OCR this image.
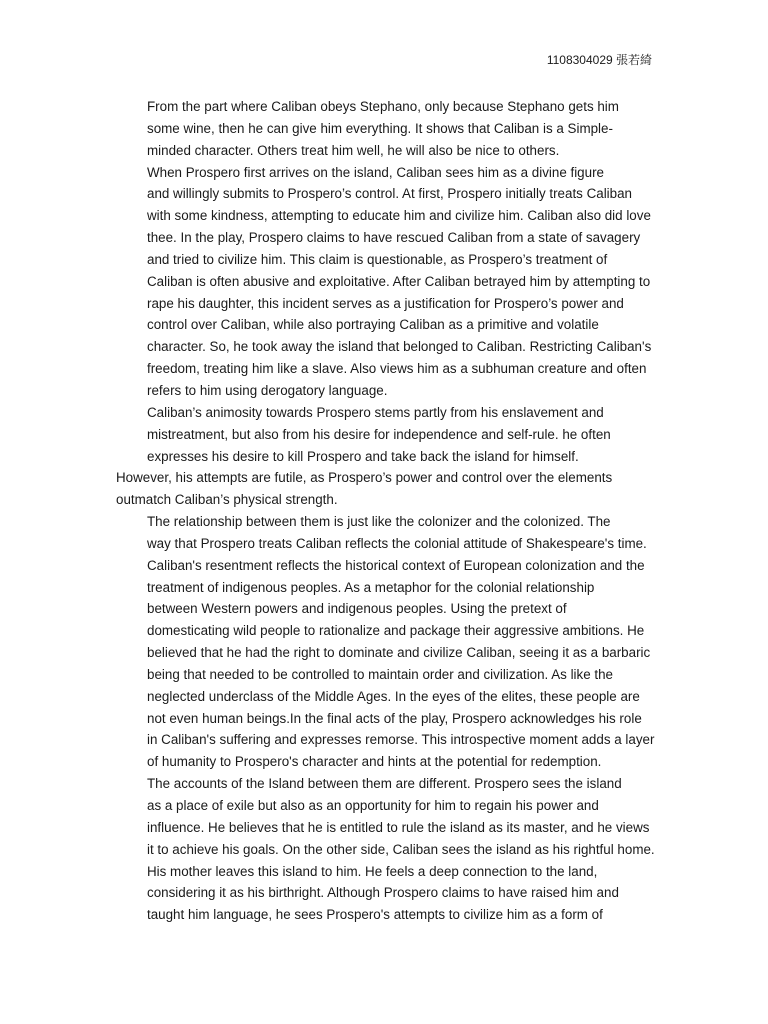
1108304029 張若綺
From the part where Caliban obeys Stephano, only because Stephano gets him
some wine, then he can give him everything. It shows that Caliban is a Simple-
minded character. Others treat him well, he will also be nice to others.
When Prospero first arrives on the island, Caliban sees him as a divine figure
and willingly submits to Prospero’s control. At first, Prospero initially treats Caliban
with some kindness, attempting to educate him and civilize him. Caliban also did love
thee. In the play, Prospero claims to have rescued Caliban from a state of savagery
and tried to civilize him. This claim is questionable, as Prospero’s treatment of
Caliban is often abusive and exploitative. After Caliban betrayed him by attempting to
rape his daughter, this incident serves as a justification for Prospero’s power and
control over Caliban, while also portraying Caliban as a primitive and volatile
character. So, he took away the island that belonged to Caliban. Restricting Caliban's
freedom, treating him like a slave. Also views him as a subhuman creature and often
refers to him using derogatory language.
Caliban’s animosity towards Prospero stems partly from his enslavement and
mistreatment, but also from his desire for independence and self-rule. he often
expresses his desire to kill Prospero and take back the island for himself.
However, his attempts are futile, as Prospero’s power and control over the elements
outmatch Caliban’s physical strength.
The relationship between them is just like the colonizer and the colonized. The
way that Prospero treats Caliban reflects the colonial attitude of Shakespeare's time.
Caliban's resentment reflects the historical context of European colonization and the
treatment of indigenous peoples. As a metaphor for the colonial relationship
between Western powers and indigenous peoples. Using the pretext of
domesticating wild people to rationalize and package their aggressive ambitions. He
believed that he had the right to dominate and civilize Caliban, seeing it as a barbaric
being that needed to be controlled to maintain order and civilization. As like the
neglected underclass of the Middle Ages. In the eyes of the elites, these people are
not even human beings.In the final acts of the play, Prospero acknowledges his role
in Caliban's suffering and expresses remorse. This introspective moment adds a layer
of humanity to Prospero's character and hints at the potential for redemption.
The accounts of the Island between them are different. Prospero sees the island
as a place of exile but also as an opportunity for him to regain his power and
influence. He believes that he is entitled to rule the island as its master, and he views
it to achieve his goals. On the other side, Caliban sees the island as his rightful home.
His mother leaves this island to him. He feels a deep connection to the land,
considering it as his birthright. Although Prospero claims to have raised him and
taught him language, he sees Prospero's attempts to civilize him as a form of
